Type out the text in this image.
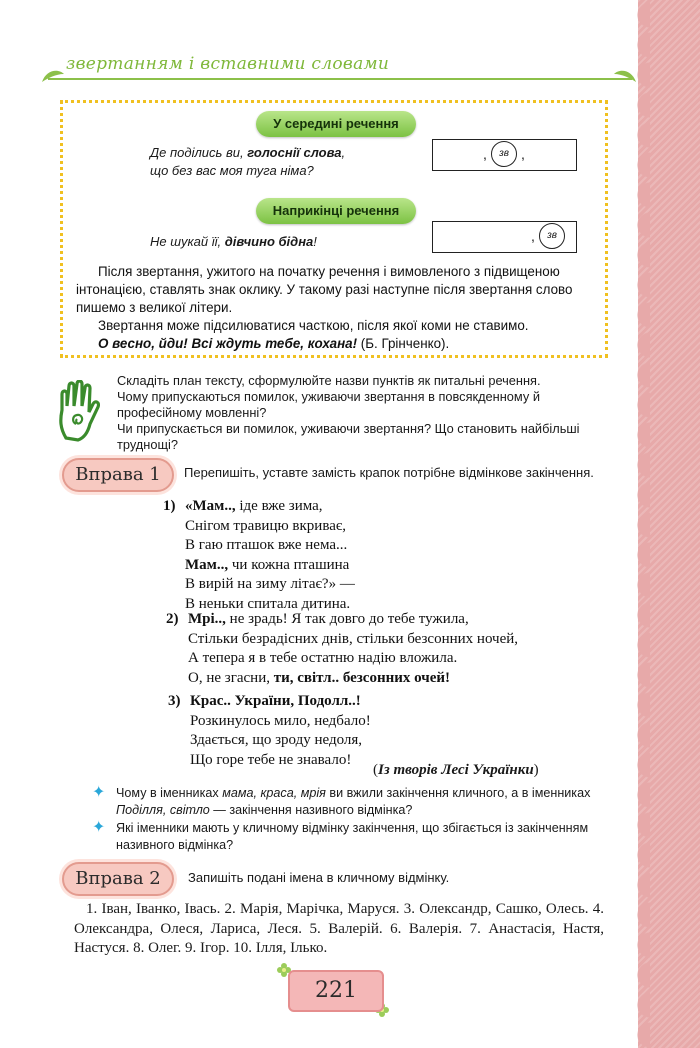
звертанням і вставними словами
У середині речення
Де поділись ви, голоснії слова,
що без вас моя туга німа?
,	зв ,
Наприкінці речення
Не шукай її, дівчино бідна!	,	зв

Після звертання, ужитого на початку речення і вимовленого з підвищеною інтонацією, ставлять знак оклику. У такому разі наступне після звертання слово пишемо з великої літери.

Звертання може підсилюватися часткою, після якої коми не ставимо.

О весно, йди! Всі ждуть тебе, кохана! (Б. Грінченко).

Складіть план тексту, сформулюйте назви пунктів як питальні речення.
Чому припускаються помилок, уживаючи звертання в повсякденному й професійному мовленні?
Чи припускається ви помилок, уживаючи звертання? Що становить найбільші труднощі?
Вправа 1	Перепишіть, уставте замість крапок потрібне відмінкове закінчення.
1) «Мам.., іде вже зима,
Снігом травицю вкриває,
В гаю пташок вже нема...
Мам.., чи кожна пташина
В вирій на зиму літає?» —
В неньки спитала дитина.
2) Мрі.., не зрадь! Я так довго до тебе тужила,
Стільки безрадісних днів, стільки безсонних ночей,
А тепера я в тебе остатню надію вложила.
О, не згасни, ти, світл.. безсонних очей!
3) Крас.. України, Подолл..!
Розкинулось мило, недбало!
Здається, що зроду недоля,
Що горе тебе не знавало!
(Із творів Лесі Українки)
✦ Чому в іменниках мама, краса, мрія ви вжили закінчення кличного, а в іменниках Поділля, світло — закінчення називного відмінка?
✦ Які іменники мають у кличному відмінку закінчення, що збігається із закінченням називного відмінка?
Вправа 2	Запишіть подані імена в кличному відмінку.

1. Іван, Іванко, Івась. 2. Марія, Марічка, Маруся. 3. Олександр, Сашко, Олесь. 4. Олександра, Олеся, Лариса, Леся. 5. Валерій. 6. Валерія. 7. Анастасія, Настя, Настуся. 8. Олег. 9. Ігор. 10. Ілля, Ілько.

221
